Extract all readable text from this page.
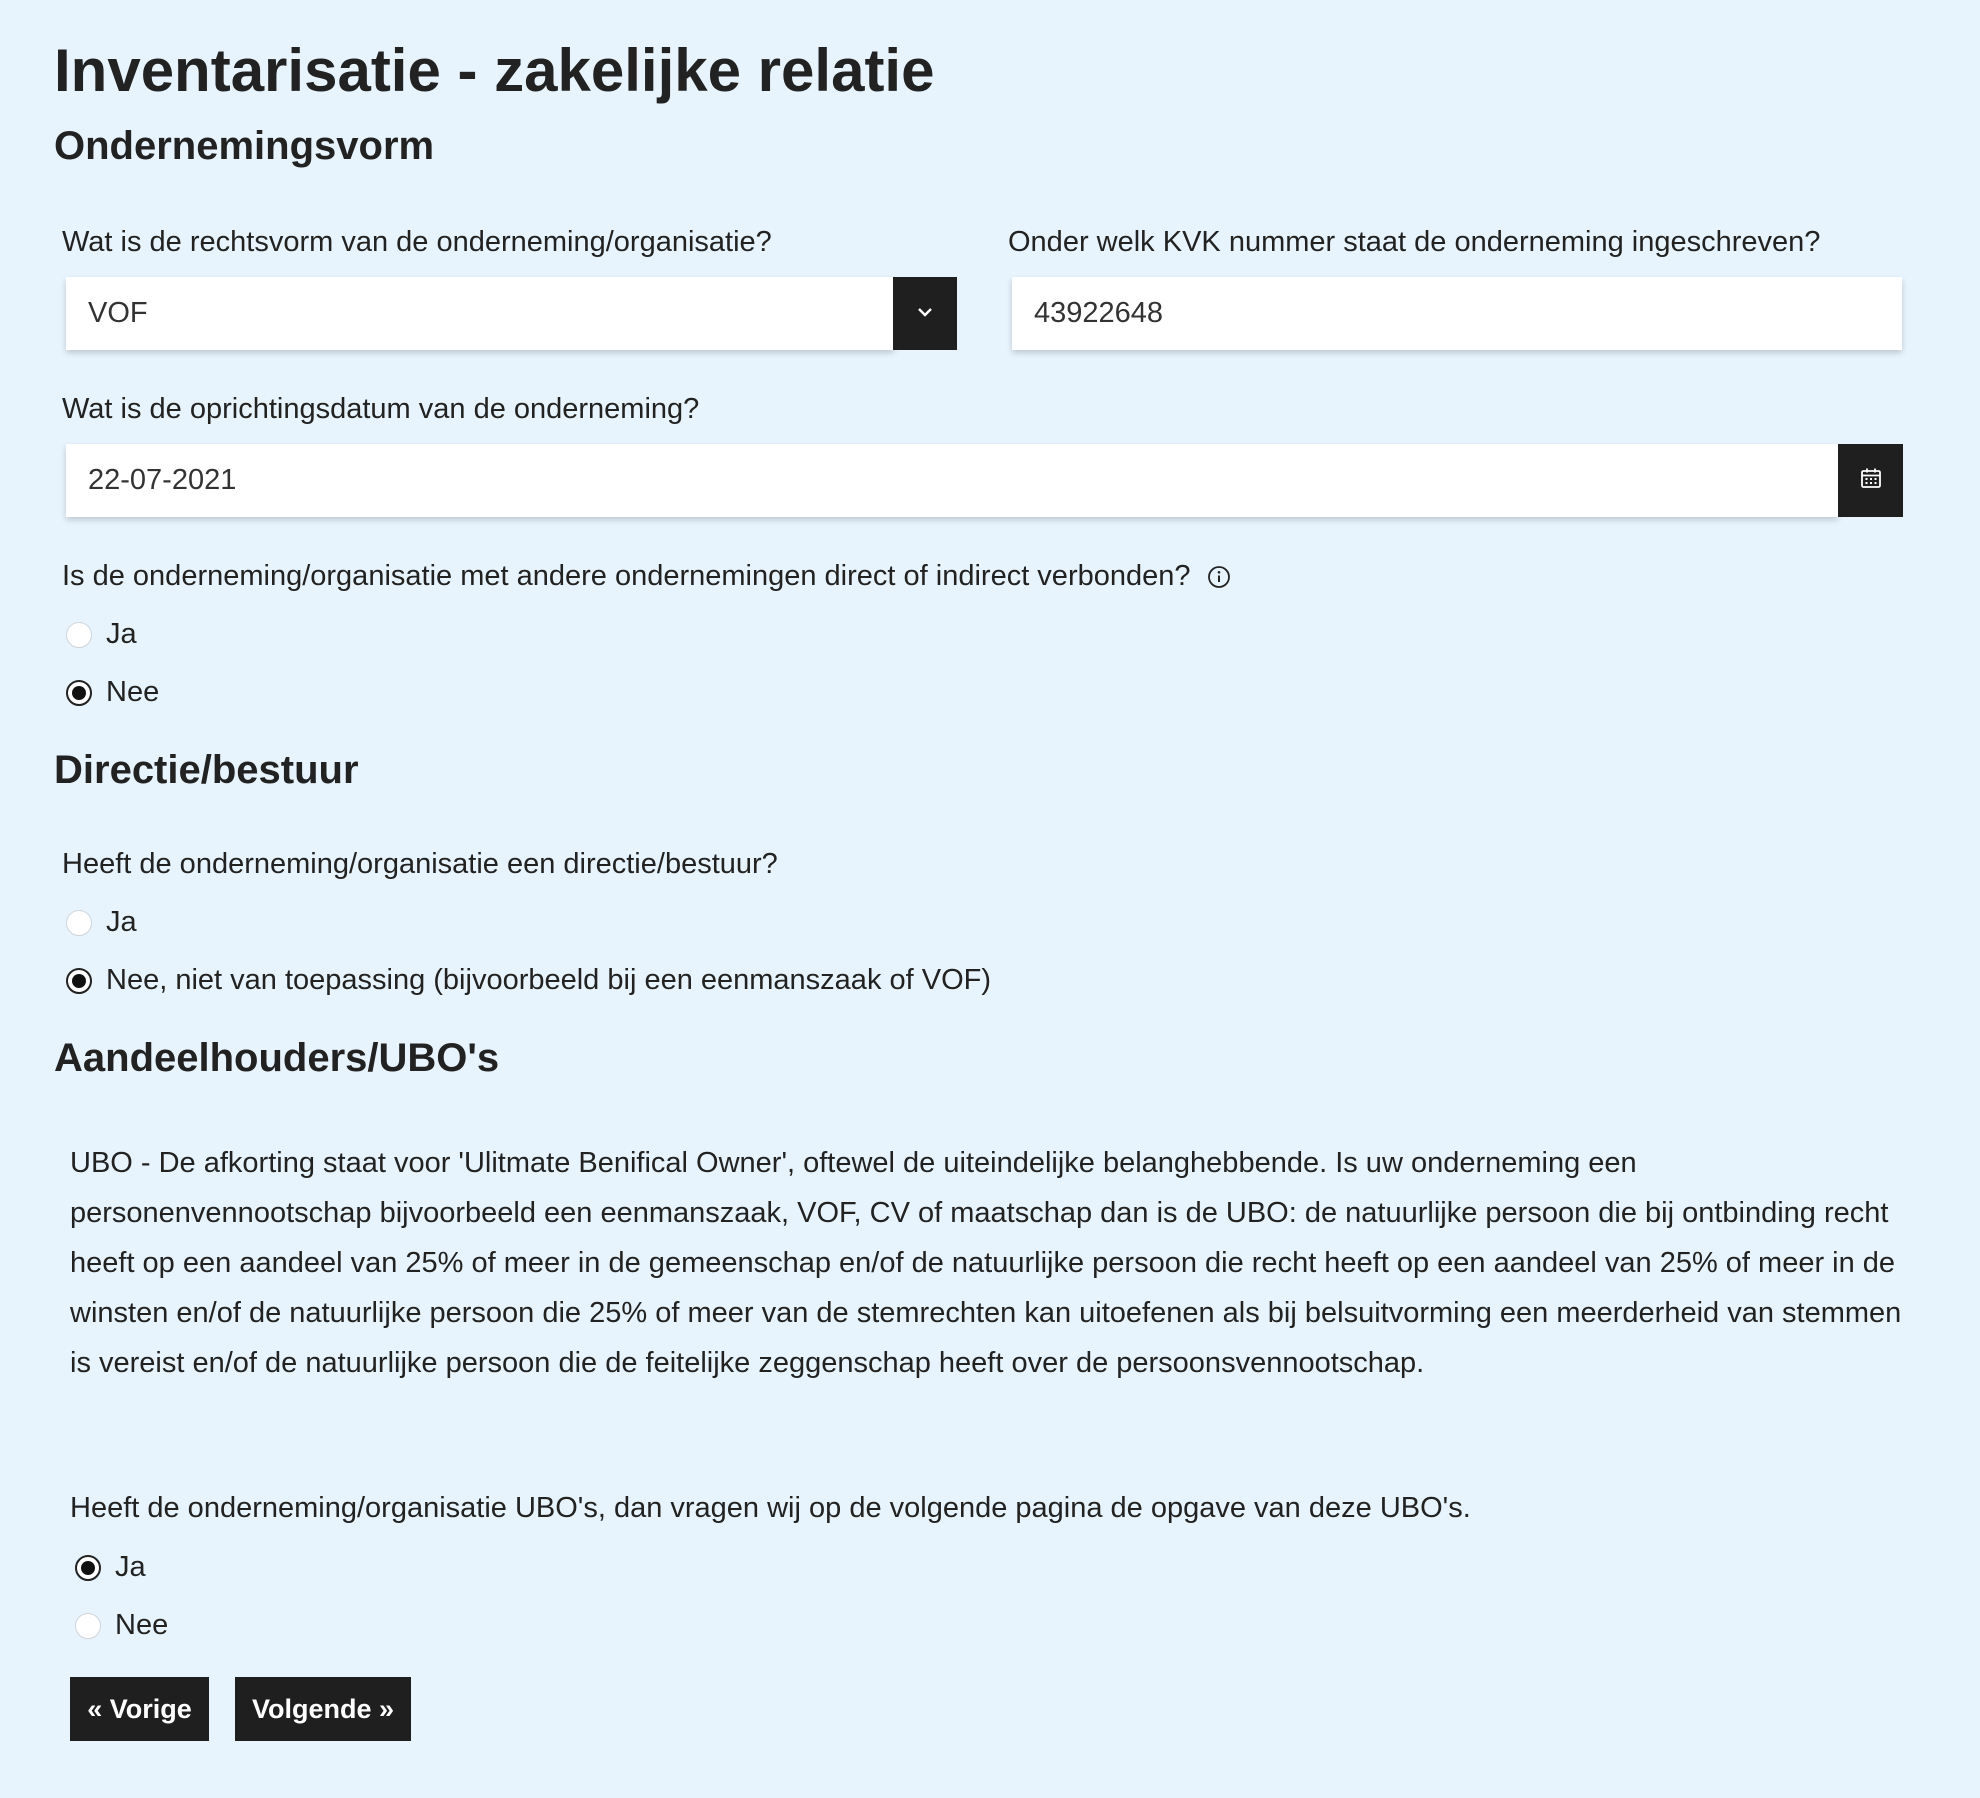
Inventarisatie - zakelijke relatie
Ondernemingsvorm
Wat is de rechtsvorm van de onderneming/organisatie?
VOF
Onder welk KVK nummer staat de onderneming ingeschreven?
43922648
Wat is de oprichtingsdatum van de onderneming?
22-07-2021
Is de onderneming/organisatie met andere ondernemingen direct of indirect verbonden?
Ja
Nee
Directie/bestuur
Heeft de onderneming/organisatie een directie/bestuur?
Ja
Nee, niet van toepassing (bijvoorbeeld bij een eenmanszaak of VOF)
Aandeelhouders/UBO's
UBO - De afkorting staat voor 'Ulitmate Benifical Owner', oftewel de uiteindelijke belanghebbende. Is uw onderneming een personenvennootschap bijvoorbeeld een eenmanszaak, VOF, CV of maatschap dan is de UBO: de natuurlijke persoon die bij ontbinding recht heeft op een aandeel van 25% of meer in de gemeenschap en/of de natuurlijke persoon die recht heeft op een aandeel van 25% of meer in de winsten en/of de natuurlijke persoon die 25% of meer van de stemrechten kan uitoefenen als bij belsuitvorming een meerderheid van stemmen is vereist en/of de natuurlijke persoon die de feitelijke zeggenschap heeft over de persoonsvennootschap.
Heeft de onderneming/organisatie UBO's, dan vragen wij op de volgende pagina de opgave van deze UBO's.
Ja
Nee
« Vorige	Volgende »
